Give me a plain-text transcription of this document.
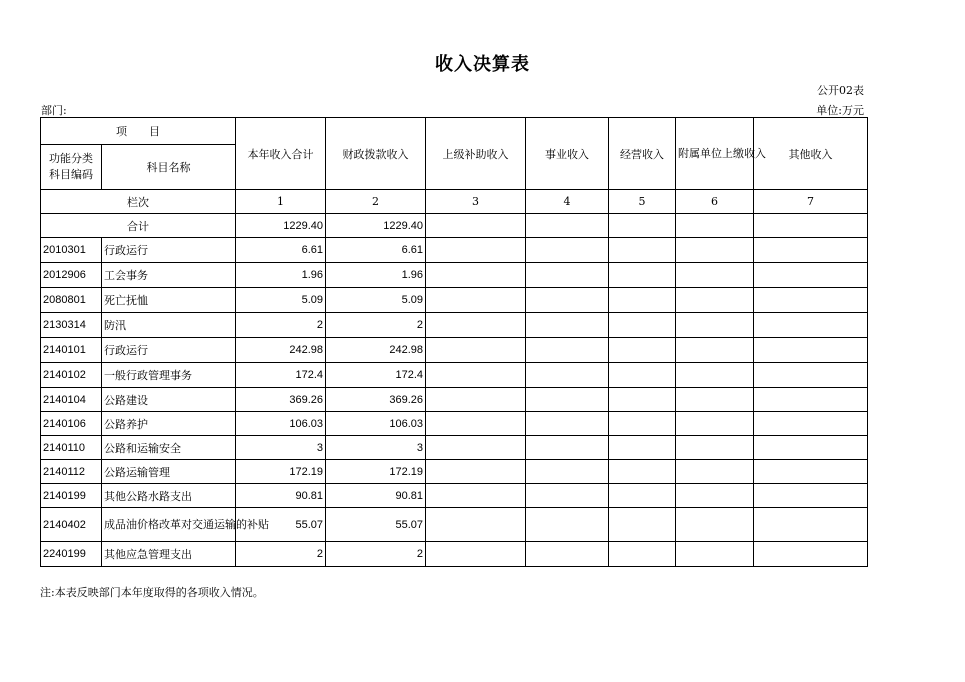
收入决算表
公开02表
部门:	单位:万元
项　　目		本年收入合计	财政拨款收入	上级补助收入	事业收入	经营收入	附属单位上缴收入	其他收入
功能分类
科目编码	科目名称							
栏次		1	2	3	4	5	6	7
合计		1229.40	1229.40					
2010301	行政运行	6.61	6.61					
2012906	工会事务	1.96	1.96					
2080801	死亡抚恤	5.09	5.09					
2130314	防汛	2	2					
2140101	行政运行	242.98	242.98					
2140102	一般行政管理事务	172.4	172.4					
2140104	公路建设	369.26	369.26					
2140106	公路养护	106.03	106.03					
2140110	公路和运输安全	3	3					
2140112	公路运输管理	172.19	172.19					
2140199	其他公路水路支出	90.81	90.81					
2140402	成品油价格改革对交通运输的补贴	55.07	55.07					
2240199	其他应急管理支出	2	2					
注:本表反映部门本年度取得的各项收入情况。
